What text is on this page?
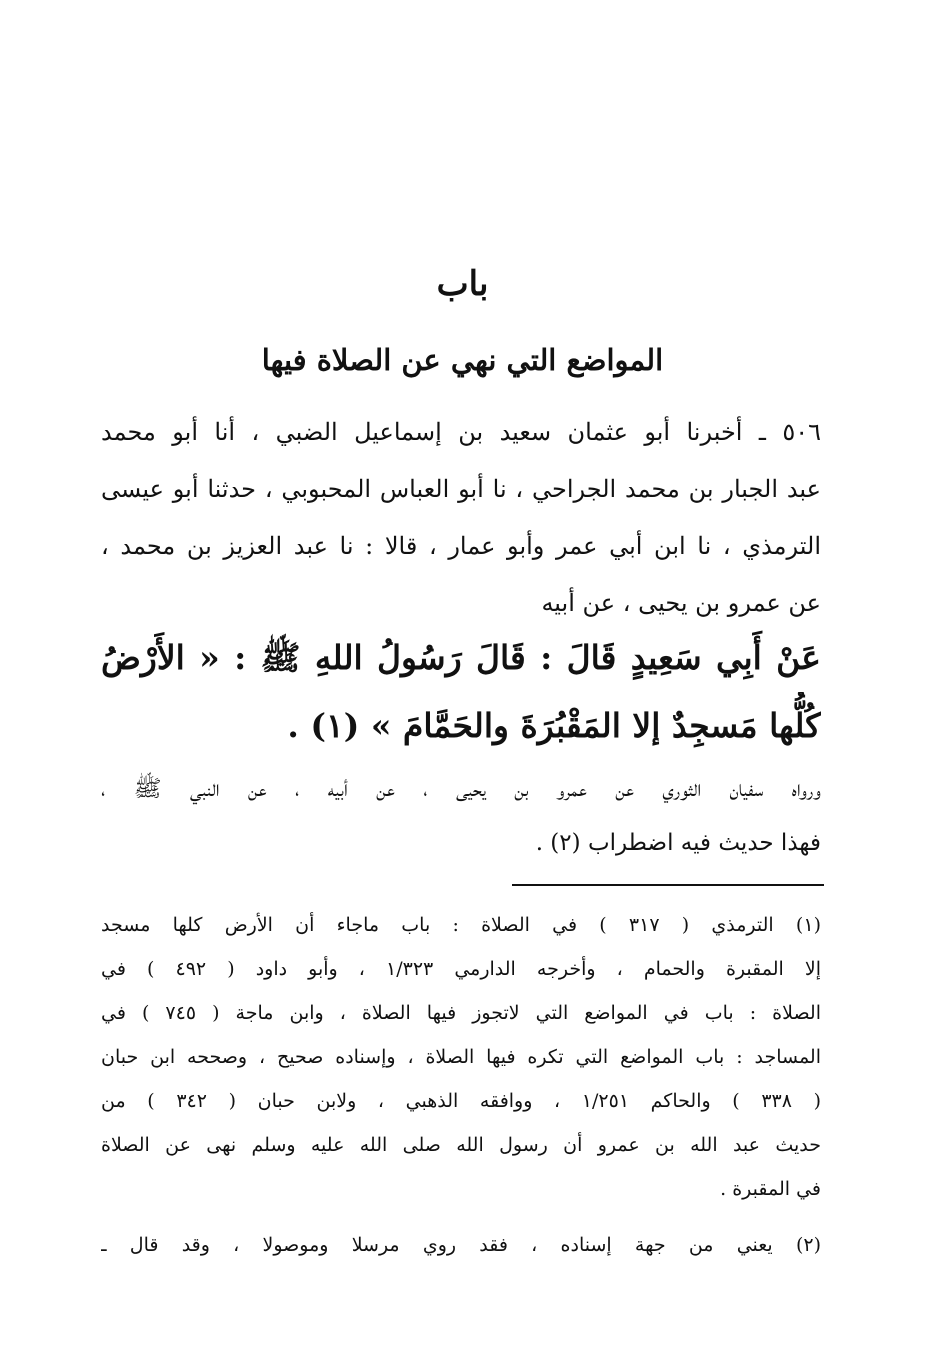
باب
المواضع التي نهي عن الصلاة فيها
٥٠٦ ـ أخبرنا أبو عثمان سعيد بن إسماعيل الضبي ، أنا أبو محمد
عبد الجبار بن محمد الجراحي ، نا أبو العباس المحبوبي ، حدثنا أبو عيسى
الترمذي ، نا ابن أبي عمر وأبو عمار ، قالا : نا عبد العزيز بن محمد ،
عن عمرو بن يحيى ، عن أبيه
عَنْ أَبِي سَعِيدٍ قَالَ : قَالَ رَسُولُ اللهِ ﷺ : « الأَرْضُ
كُلُّها مَسجِدٌ إلا المَقْبُرَةَ والحَمَّامَ » (١) .
ورواه سفيان الثوري عن عمرو بن يحيى ، عن أبيه ، عن النبي ﷺ ،
فهذا حديث فيه اضطراب (٢) .
(١) الترمذي ( ٣١٧ ) في الصلاة : باب ماجاء أن الأرض كلها مسجد
إلا المقبرة والحمام ، وأخرجه الدارمي ١/٣٢٣ ، وأبو داود ( ٤٩٢ ) في
الصلاة : باب في المواضع التي لاتجوز فيها الصلاة ، وابن ماجة ( ٧٤٥ ) في
المساجد : باب المواضع التي تكره فيها الصلاة ، وإسناده صحيح ، وصححه ابن حبان
( ٣٣٨ ) والحاكم ١/٢٥١ ، ووافقه الذهبي ، ولابن حبان ( ٣٤٢ ) من
حديث عبد الله بن عمرو أن رسول الله صلى الله عليه وسلم نهى عن الصلاة
في المقبرة .
(٢) يعني من جهة إسناده ، فقد روي مرسلا وموصولا ، وقد قال ـ
